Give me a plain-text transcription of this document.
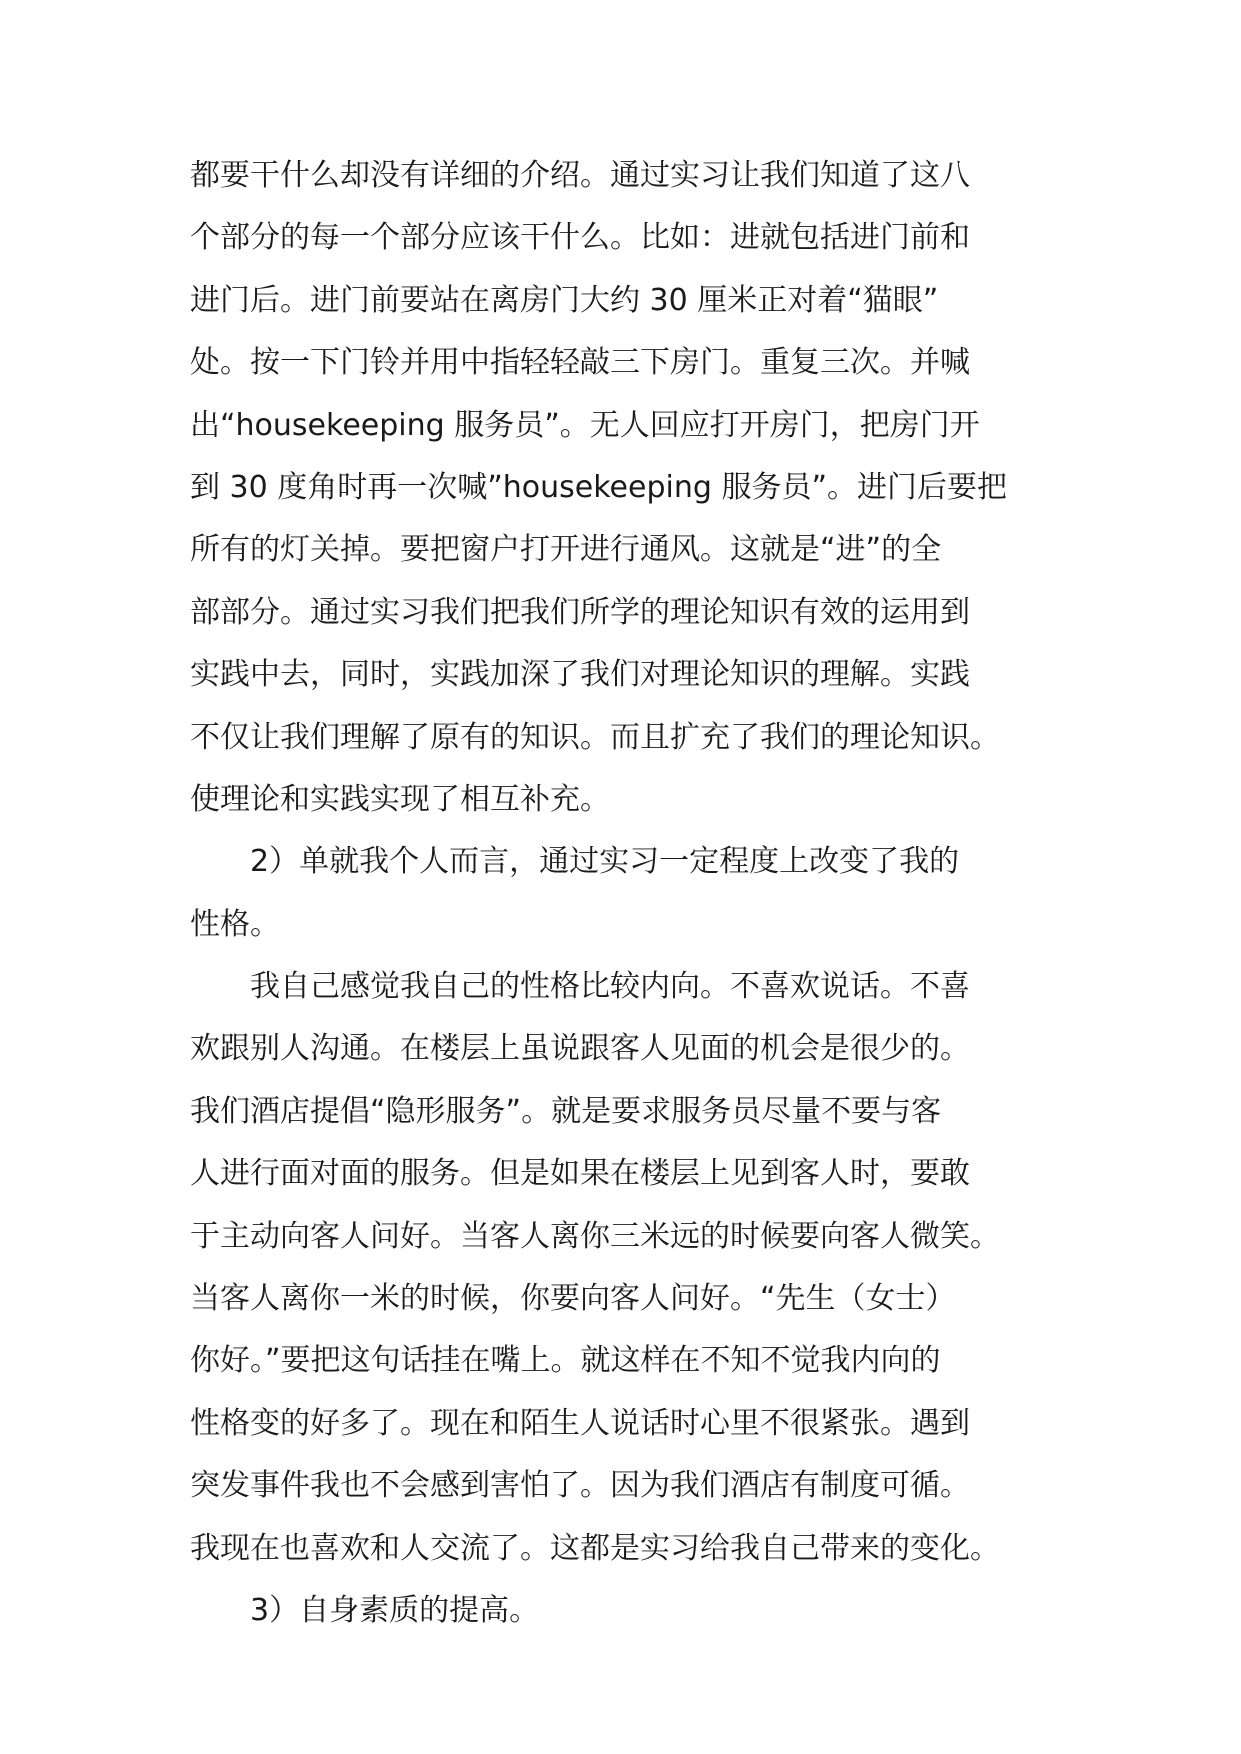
都要干什么却没有详细的介绍。通过实习让我们知道了这八
个部分的每一个部分应该干什么。比如：进就包括进门前和
进门后。进门前要站在离房门大约 30 厘米正对着“猫眼”
处。按一下门铃并用中指轻轻敲三下房门。重复三次。并喊
出“housekeeping 服务员”。无人回应打开房门，把房门开
到 30 度角时再一次喊”housekeeping 服务员”。进门后要把
所有的灯关掉。要把窗户打开进行通风。这就是“进”的全
部部分。通过实习我们把我们所学的理论知识有效的运用到
实践中去，同时，实践加深了我们对理论知识的理解。实践
不仅让我们理解了原有的知识。而且扩充了我们的理论知识。
使理论和实践实现了相互补充。
2）单就我个人而言，通过实习一定程度上改变了我的
性格。
我自己感觉我自己的性格比较内向。不喜欢说话。不喜
欢跟别人沟通。在楼层上虽说跟客人见面的机会是很少的。
我们酒店提倡“隐形服务”。就是要求服务员尽量不要与客
人进行面对面的服务。但是如果在楼层上见到客人时，要敢
于主动向客人问好。当客人离你三米远的时候要向客人微笑。
当客人离你一米的时候，你要向客人问好。“先生（女士）
你好。”要把这句话挂在嘴上。就这样在不知不觉我内向的
性格变的好多了。现在和陌生人说话时心里不很紧张。遇到
突发事件我也不会感到害怕了。因为我们酒店有制度可循。
我现在也喜欢和人交流了。这都是实习给我自己带来的变化。
3）自身素质的提高。
